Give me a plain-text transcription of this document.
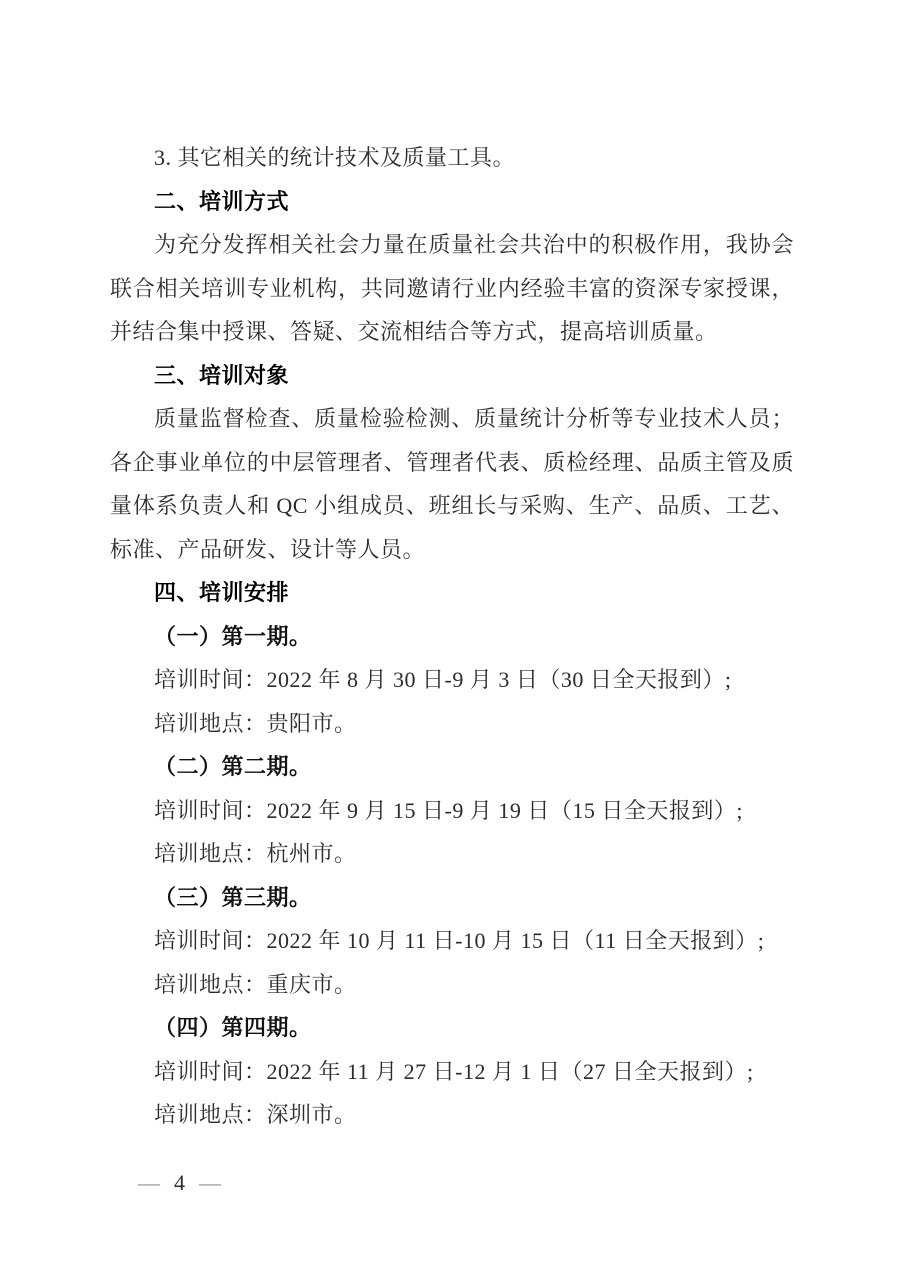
3. 其它相关的统计技术及质量工具。

二、培训方式

为充分发挥相关社会力量在质量社会共治中的积极作用，我协会联合相关培训专业机构，共同邀请行业内经验丰富的资深专家授课，并结合集中授课、答疑、交流相结合等方式，提高培训质量。

三、培训对象

质量监督检查、质量检验检测、质量统计分析等专业技术人员；各企事业单位的中层管理者、管理者代表、质检经理、品质主管及质量体系负责人和 QC 小组成员、班组长与采购、生产、品质、工艺、标准、产品研发、设计等人员。

四、培训安排

（一）第一期。

培训时间：2022 年 8 月 30 日-9 月 3 日（30 日全天报到）;

培训地点：贵阳市。

（二）第二期。

培训时间：2022 年 9 月 15 日-9 月 19 日（15 日全天报到）;

培训地点：杭州市。

（三）第三期。

培训时间：2022 年 10 月 11 日-10 月 15 日（11 日全天报到）;

培训地点：重庆市。

（四）第四期。

培训时间：2022 年 11 月 27 日-12 月 1 日（27 日全天报到）;

培训地点：深圳市。

— 4 —
